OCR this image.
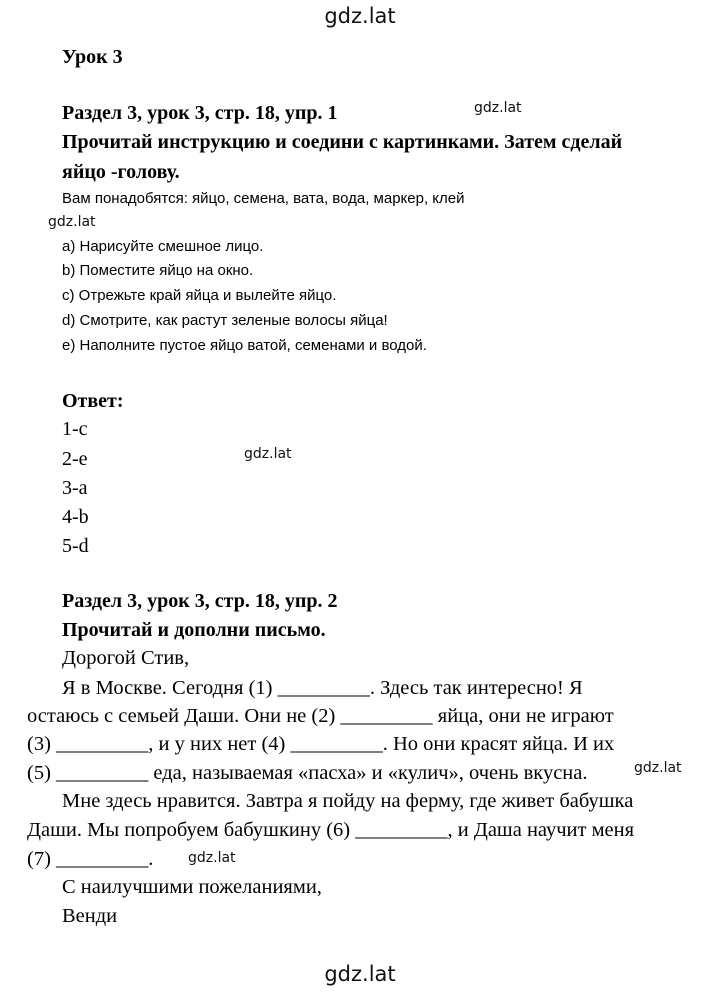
gdz.lat
gdz.lat
gdz.lat
gdz.lat
gdz.lat
gdz.lat
gdz.lat
Урок 3
Раздел 3, урок 3, стр. 18, упр. 1
Прочитай инструкцию и соедини с картинками. Затем сделай
яйцо -голову.
Вам понадобятся: яйцо, семена, вата, вода, маркер, клей
a) Нарисуйте смешное лицо.
b) Поместите яйцо на окно.
c) Отрежьте край яйца и вылейте яйцо.
d) Смотрите, как растут зеленые волосы яйца!
e) Наполните пустое яйцо ватой, семенами и водой.
Ответ:
1-c
2-e
3-a
4-b
5-d
Раздел 3, урок 3, стр. 18, упр. 2
Прочитай и дополни письмо.
Дорогой Стив,
Я в Москве. Сегодня (1) _________. Здесь так интересно! Я
остаюсь с семьей Даши. Они не (2) _________ яйца, они не играют
(3) _________, и у них нет (4) _________. Но они красят яйца. И их
(5) _________ еда, называемая «пасха» и «кулич», очень вкусна.
Мне здесь нравится. Завтра я пойду на ферму, где живет бабушка
Даши. Мы попробуем бабушкину (6) _________, и Даша научит меня
(7) _________.
С наилучшими пожеланиями,
Венди
